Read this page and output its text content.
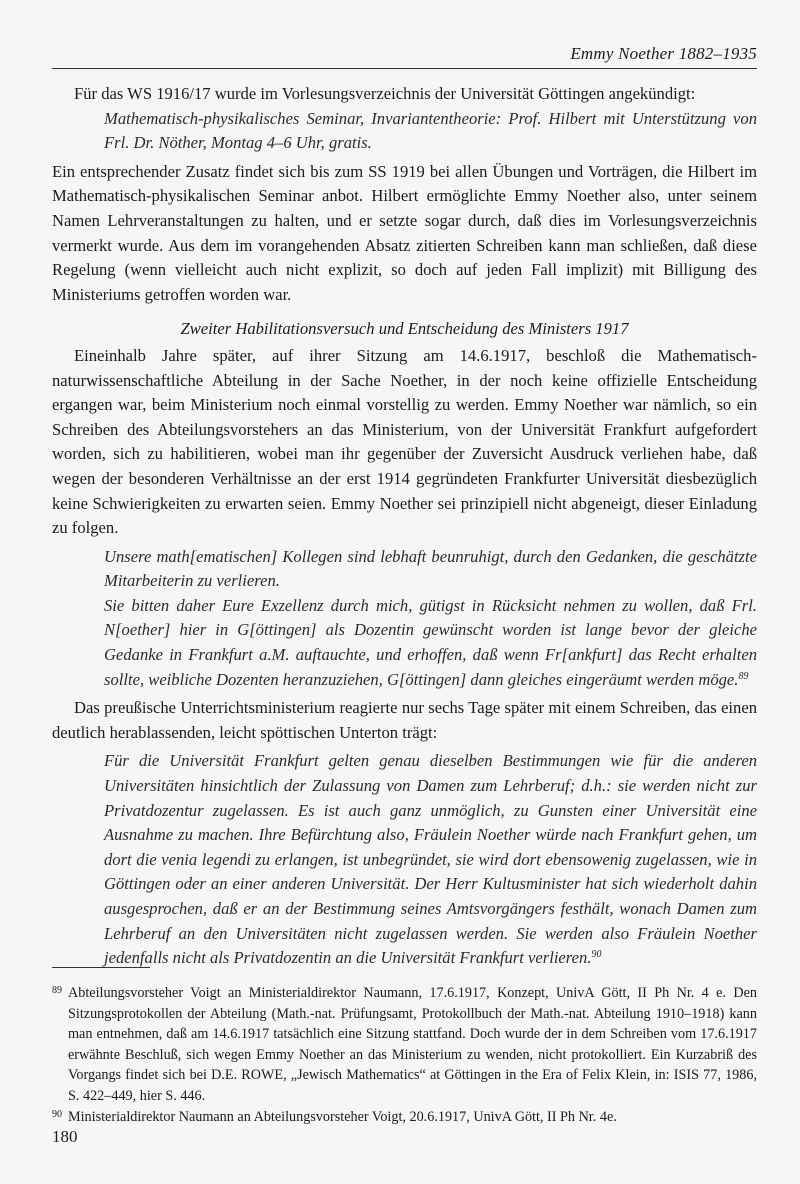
Emmy Noether 1882–1935

Für das WS 1916/17 wurde im Vorlesungsverzeichnis der Universität Göttingen angekündigt:

Mathematisch-physikalisches Seminar, Invariantentheorie: Prof. Hilbert mit Unterstützung von Frl. Dr. Nöther, Montag 4–6 Uhr, gratis.

Ein entsprechender Zusatz findet sich bis zum SS 1919 bei allen Übungen und Vorträgen, die Hilbert im Mathematisch-physikalischen Seminar anbot. Hilbert ermöglichte Emmy Noether also, unter seinem Namen Lehrveranstaltungen zu halten, und er setzte sogar durch, daß dies im Vorlesungsverzeichnis vermerkt wurde. Aus dem im vorangehenden Absatz zitierten Schreiben kann man schließen, daß diese Regelung (wenn vielleicht auch nicht explizit, so doch auf jeden Fall implizit) mit Billigung des Ministeriums getroffen worden war.

Zweiter Habilitationsversuch und Entscheidung des Ministers 1917

Eineinhalb Jahre später, auf ihrer Sitzung am 14.6.1917, beschloß die Mathematisch-naturwissenschaftliche Abteilung in der Sache Noether, in der noch keine offizielle Entscheidung ergangen war, beim Ministerium noch einmal vorstellig zu werden. Emmy Noether war nämlich, so ein Schreiben des Abteilungsvorstehers an das Ministerium, von der Universität Frankfurt aufgefordert worden, sich zu habilitieren, wobei man ihr gegenüber der Zuversicht Ausdruck verliehen habe, daß wegen der besonderen Verhältnisse an der erst 1914 gegründeten Frankfurter Universität diesbezüglich keine Schwierigkeiten zu erwarten seien. Emmy Noether sei prinzipiell nicht abgeneigt, dieser Einladung zu folgen.

Unsere math[ematischen] Kollegen sind lebhaft beunruhigt, durch den Gedanken, die geschätzte Mitarbeiterin zu verlieren.

Sie bitten daher Eure Exzellenz durch mich, gütigst in Rücksicht nehmen zu wollen, daß Frl. N[oether] hier in G[öttingen] als Dozentin gewünscht worden ist lange bevor der gleiche Gedanke in Frankfurt a.M. auftauchte, und erhoffen, daß wenn Fr[ankfurt] das Recht erhalten sollte, weibliche Dozenten heranzuziehen, G[öttingen] dann gleiches eingeräumt werden möge.$^{89}$

Das preußische Unterrichtsministerium reagierte nur sechs Tage später mit einem Schreiben, das einen deutlich herablassenden, leicht spöttischen Unterton trägt:

Für die Universität Frankfurt gelten genau dieselben Bestimmungen wie für die anderen Universitäten hinsichtlich der Zulassung von Damen zum Lehrberuf; d.h.: sie werden nicht zur Privatdozentur zugelassen. Es ist auch ganz unmöglich, zu Gunsten einer Universität eine Ausnahme zu machen. Ihre Befürchtung also, Fräulein Noether würde nach Frankfurt gehen, um dort die venia legendi zu erlangen, ist unbegründet, sie wird dort ebensowenig zugelassen, wie in Göttingen oder an einer anderen Universität. Der Herr Kultusminister hat sich wiederholt dahin ausgesprochen, daß er an der Bestimmung seines Amtsvorgängers festhält, wonach Damen zum Lehrberuf an den Universitäten nicht zugelassen werden. Sie werden also Fräulein Noether jedenfalls nicht als Privatdozentin an die Universität Frankfurt verlieren.$^{90}$

89 Abteilungsvorsteher Voigt an Ministerialdirektor Naumann, 17.6.1917, Konzept, UnivA Gött, II Ph Nr. 4 e. Den Sitzungsprotokollen der Abteilung (Math.-nat. Prüfungsamt, Protokollbuch der Math.-nat. Abteilung 1910–1918) kann man entnehmen, daß am 14.6.1917 tatsächlich eine Sitzung stattfand. Doch wurde der in dem Schreiben vom 17.6.1917 erwähnte Beschluß, sich wegen Emmy Noether an das Ministerium zu wenden, nicht protokolliert. Ein Kurzabriß des Vorgangs findet sich bei D.E. ROWE, „Jewisch Mathematics“ at Göttingen in the Era of Felix Klein, in: ISIS 77, 1986, S. 422–449, hier S. 446.
90 Ministerialdirektor Naumann an Abteilungsvorsteher Voigt, 20.6.1917, UnivA Gött, II Ph Nr. 4e.
180
